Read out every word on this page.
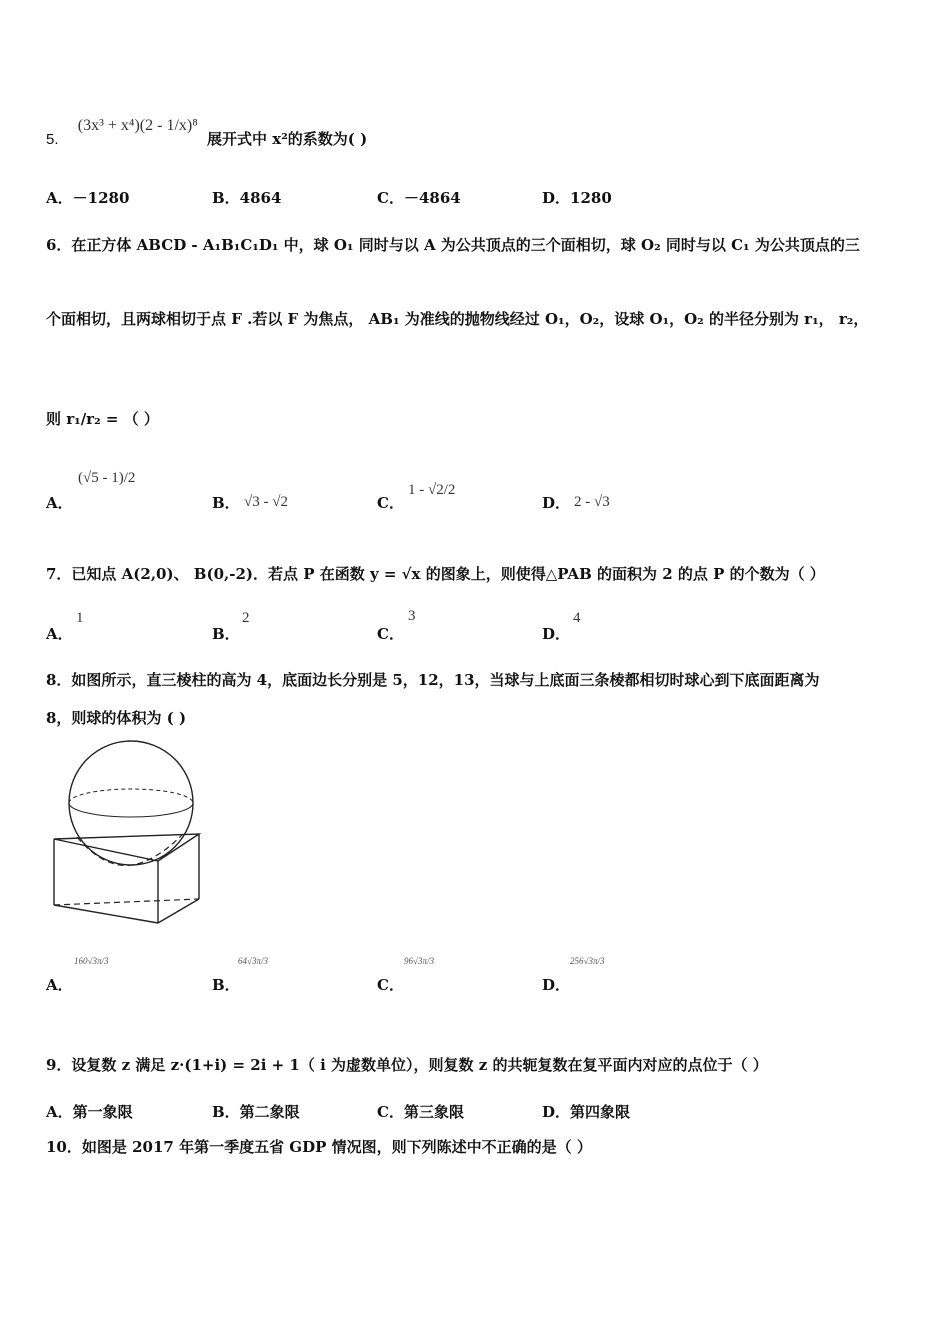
5. (3x³ + x⁴)(2 - 1/x)⁸ 展开式中 x²的系数为( )
A．－1280	B．4864	C．－4864	D．1280
6．在正方体 ABCD - A₁B₁C₁D₁ 中，球 O₁ 同时与以 A 为公共顶点的三个面相切，球 O₂ 同时与以 C₁ 为公共顶点的三
个面相切，且两球相切于点 F .若以 F 为焦点， AB₁ 为准线的抛物线经过 O₁，O₂，设球 O₁，O₂ 的半径分别为 r₁， r₂，
则 r₁/r₂ = （ ）
A．
(√5 - 1)/2
B． √3 - √2	C．
1 - √2/2
D． 2 - √3
7．已知点 A(2,0)、 B(0,-2)．若点 P 在函数 y = √x 的图象上，则使得△PAB 的面积为 2 的点 P 的个数为（ ）
A．
1
B．
2
C．
3
D．
4
8．如图所示，直三棱柱的高为 4，底面边长分别是 5，12，13，当球与上底面三条棱都相切时球心到下底面距离为
8，则球的体积为 ( )
A．
160√3π/3
B．
64√3π/3
C．
96√3π/3
D．
256√3π/3
9．设复数 z 满足 z·(1+i) = 2i + 1（ i 为虚数单位），则复数 z 的共轭复数在复平面内对应的点位于（ ）
A．第一象限	B．第二象限	C．第三象限	D．第四象限
10．如图是 2017 年第一季度五省 GDP 情况图，则下列陈述中不正确的是（ ）
